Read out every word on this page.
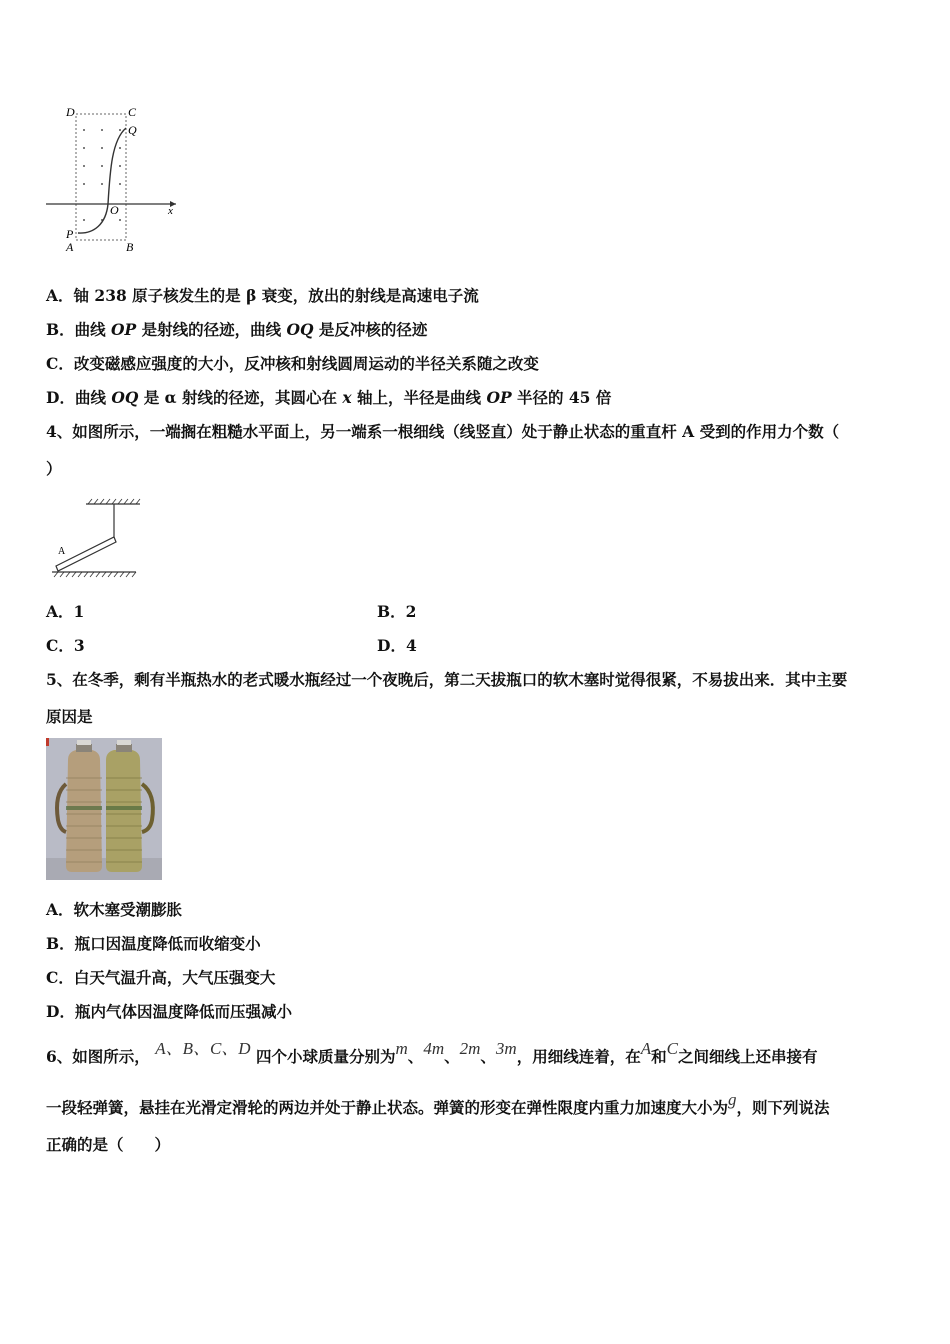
D	C
Q
O	x
P
A	B
A．铀 238 原子核发生的是 β 衰变，放出的射线是高速电子流
B．曲线 OP 是射线的径迹，曲线 OQ 是反冲核的径迹
C．改变磁感应强度的大小，反冲核和射线圆周运动的半径关系随之改变
D．曲线 OQ 是 α 射线的径迹，其圆心在 x 轴上，半径是曲线 OP 半径的 45 倍
4、如图所示，一端搁在粗糙水平面上，另一端系一根细线（线竖直）处于静止状态的重直杆 A 受到的作用力个数（
）
A
A．1	B．2
C．3	D．4
5、在冬季，剩有半瓶热水的老式暖水瓶经过一个夜晚后，第二天拔瓶口的软木塞时觉得很紧，不易拔出来．其中主要
原因是
A．软木塞受潮膨胀
B．瓶口因温度降低而收缩变小
C．白天气温升高，大气压强变大
D．瓶内气体因温度降低而压强减小
6、如图所示， A、B、C、D 四个小球质量分别为m、4m、2m、3m，用细线连着，在A和C之间细线上还串接有
一段轻弹簧，悬挂在光滑定滑轮的两边并处于静止状态。弹簧的形变在弹性限度内重力加速度大小为g，则下列说法
正确的是（　　）
